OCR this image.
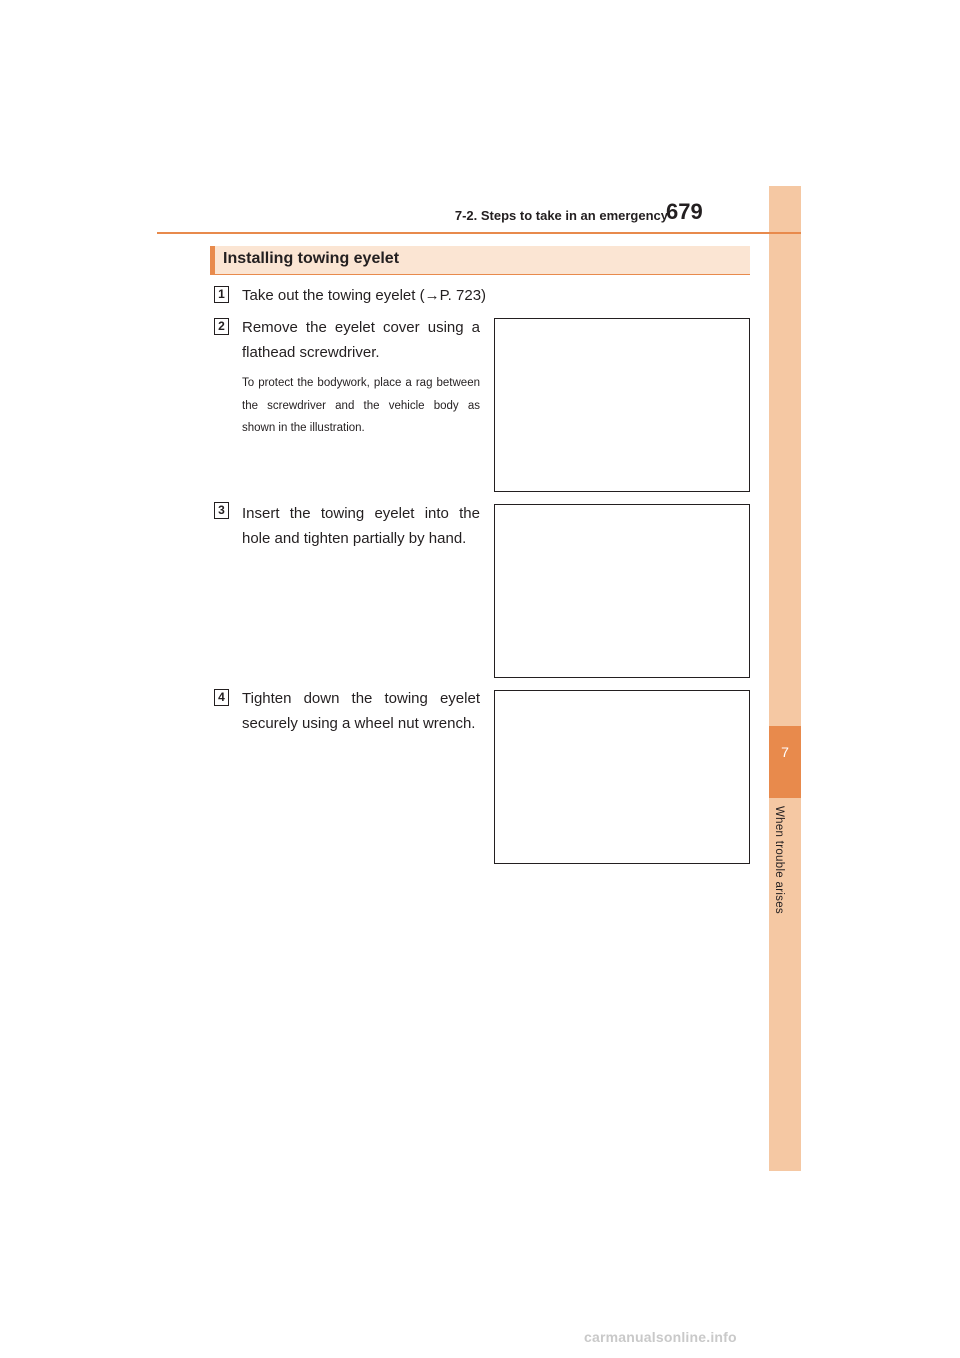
7
When trouble arises
7-2. Steps to take in an emergency
679
Installing towing eyelet
1 Take out the towing eyelet (→P. 723)
2 Remove the eyelet cover using a flathead screwdriver.
To protect the bodywork, place a rag between the screwdriver and the vehicle body as shown in the illustration.
3 Insert the towing eyelet into the hole and tighten partially by hand.
4 Tighten down the towing eyelet securely using a wheel nut wrench.
carmanualsonline.info
